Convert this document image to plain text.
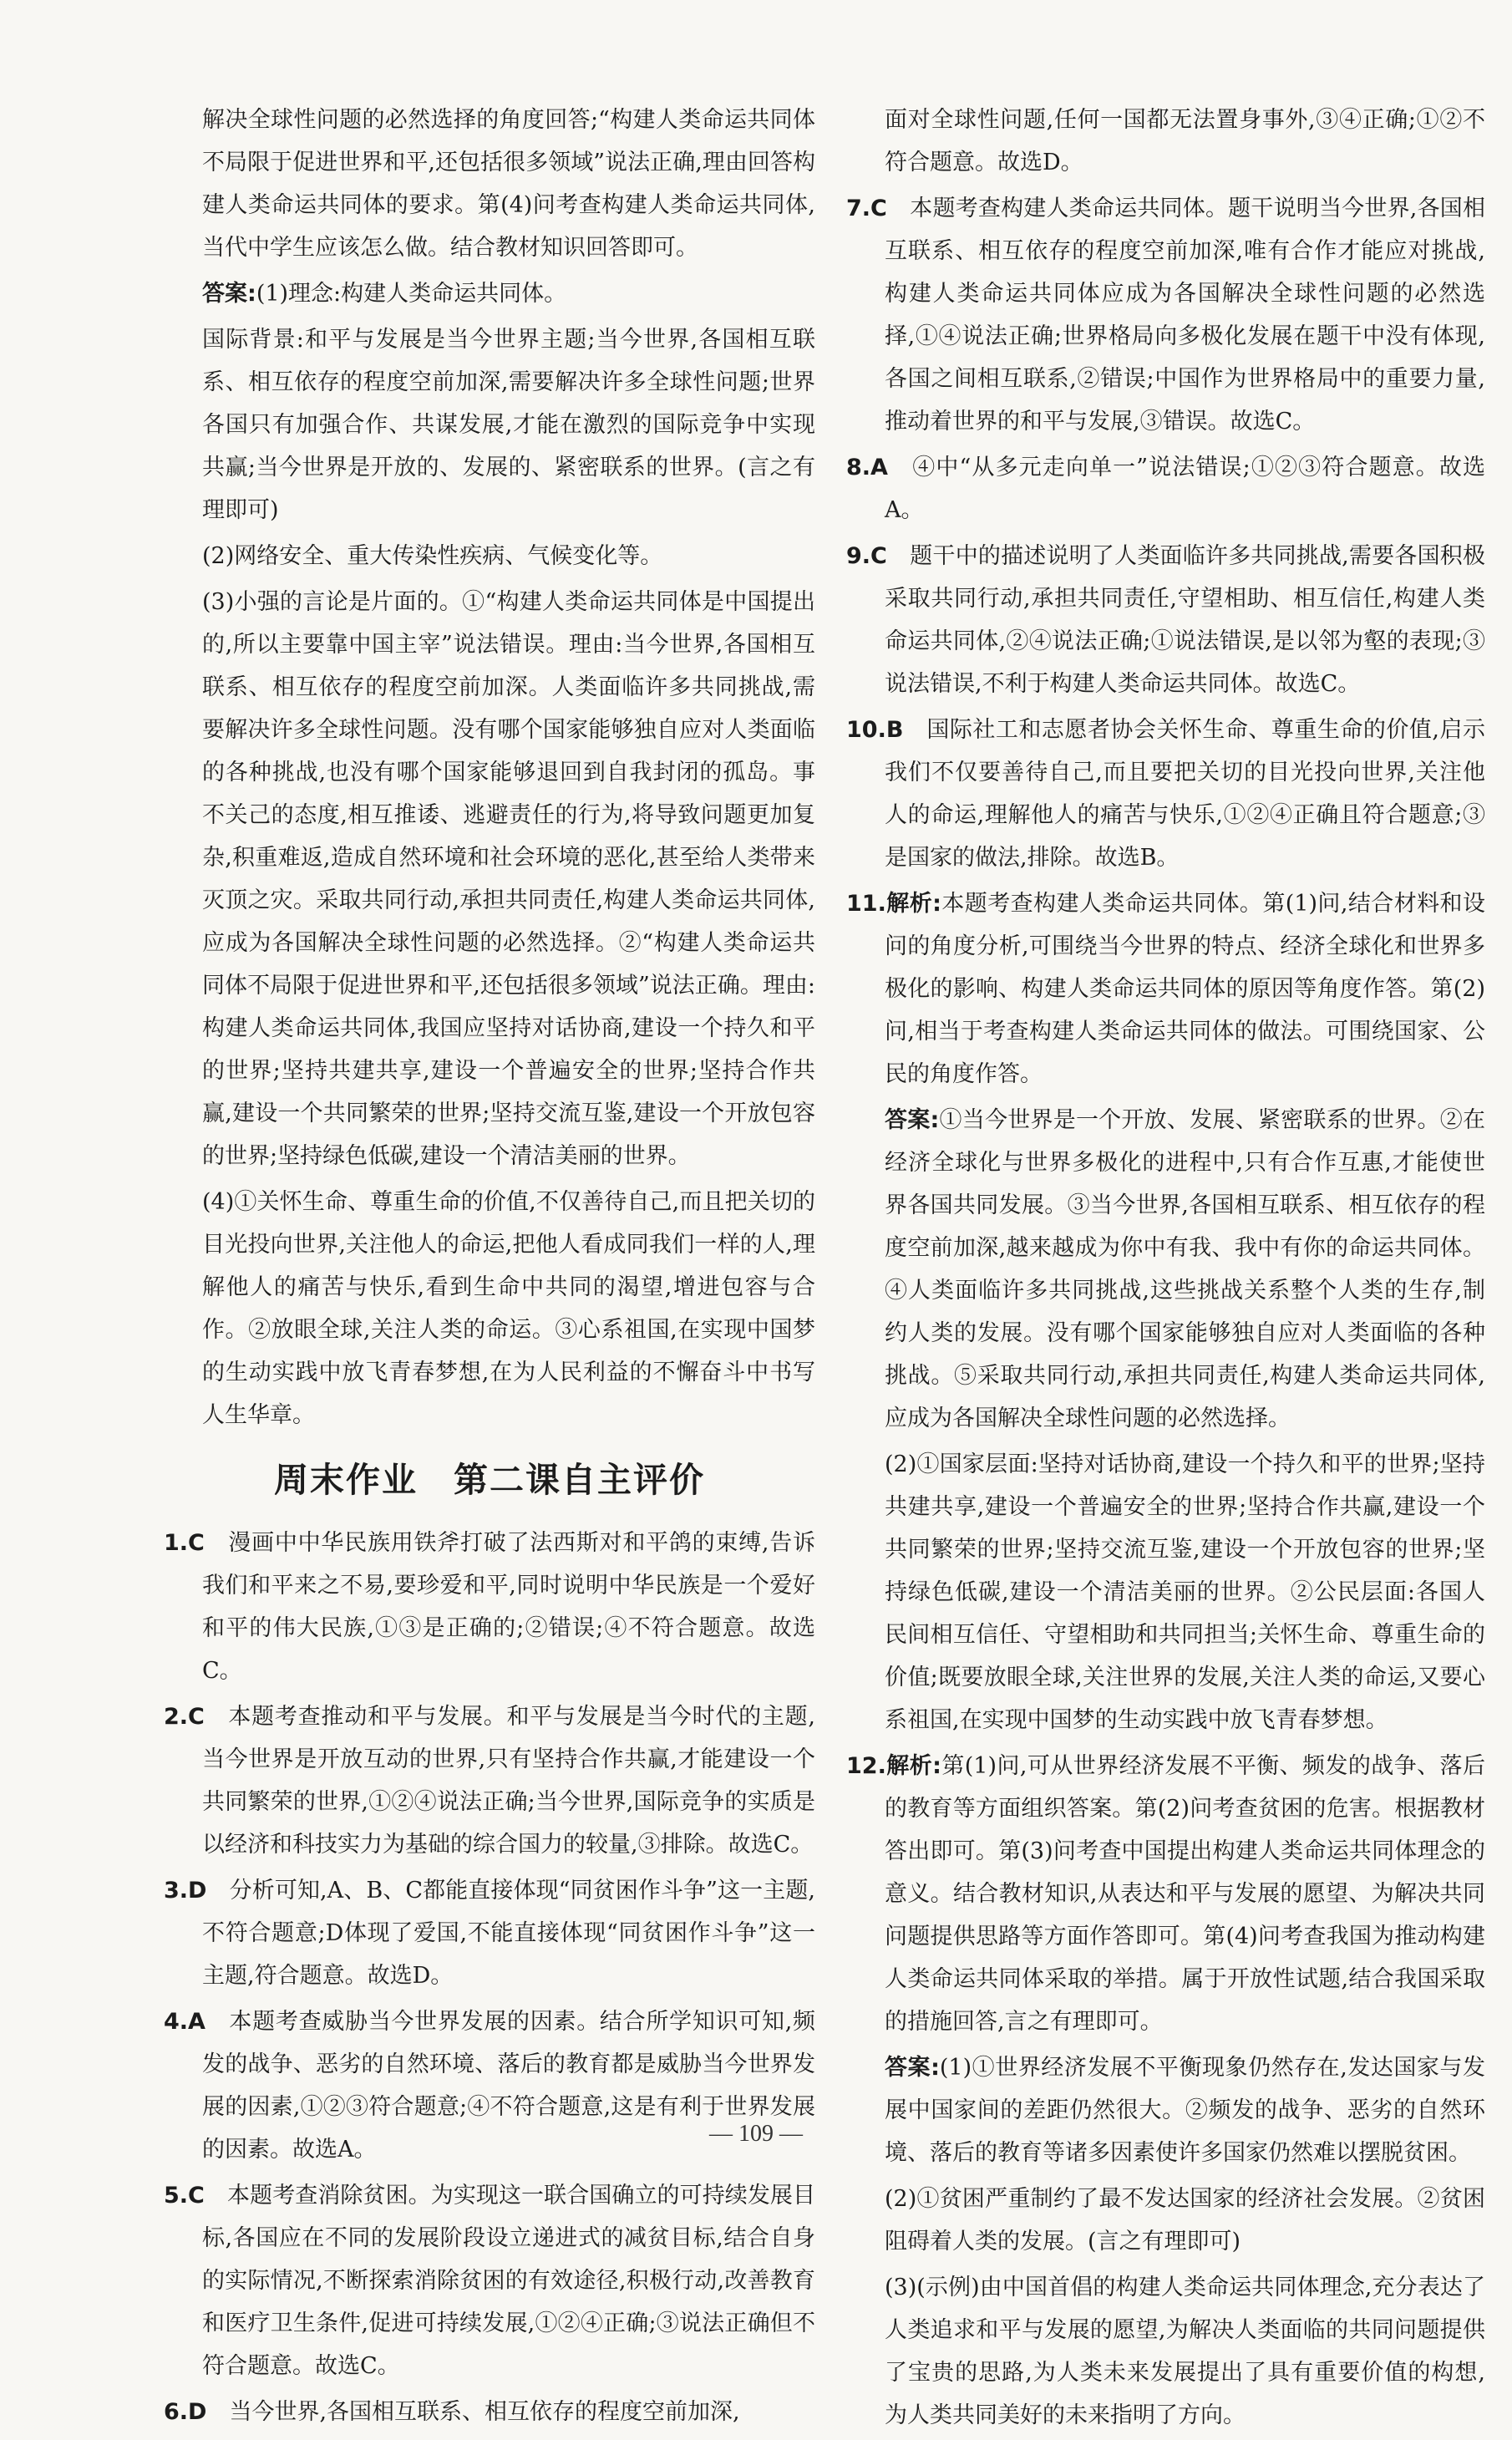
解决全球性问题的必然选择的角度回答;“构建人类命运共同体不局限于促进世界和平,还包括很多领域”说法正确,理由回答构建人类命运共同体的要求。第(4)问考查构建人类命运共同体,当代中学生应该怎么做。结合教材知识回答即可。

答案:(1)理念:构建人类命运共同体。

国际背景:和平与发展是当今世界主题;当今世界,各国相互联系、相互依存的程度空前加深,需要解决许多全球性问题;世界各国只有加强合作、共谋发展,才能在激烈的国际竞争中实现共赢;当今世界是开放的、发展的、紧密联系的世界。(言之有理即可)

(2)网络安全、重大传染性疾病、气候变化等。

(3)小强的言论是片面的。①“构建人类命运共同体是中国提出的,所以主要靠中国主宰”说法错误。理由:当今世界,各国相互联系、相互依存的程度空前加深。人类面临许多共同挑战,需要解决许多全球性问题。没有哪个国家能够独自应对人类面临的各种挑战,也没有哪个国家能够退回到自我封闭的孤岛。事不关己的态度,相互推诿、逃避责任的行为,将导致问题更加复杂,积重难返,造成自然环境和社会环境的恶化,甚至给人类带来灭顶之灾。采取共同行动,承担共同责任,构建人类命运共同体,应成为各国解决全球性问题的必然选择。②“构建人类命运共同体不局限于促进世界和平,还包括很多领域”说法正确。理由:构建人类命运共同体,我国应坚持对话协商,建设一个持久和平的世界;坚持共建共享,建设一个普遍安全的世界;坚持合作共赢,建设一个共同繁荣的世界;坚持交流互鉴,建设一个开放包容的世界;坚持绿色低碳,建设一个清洁美丽的世界。

(4)①关怀生命、尊重生命的价值,不仅善待自己,而且把关切的目光投向世界,关注他人的命运,把他人看成同我们一样的人,理解他人的痛苦与快乐,看到生命中共同的渴望,增进包容与合作。②放眼全球,关注人类的命运。③心系祖国,在实现中国梦的生动实践中放飞青春梦想,在为人民利益的不懈奋斗中书写人生华章。

周末作业　第二课自主评价

1.C　 漫画中中华民族用铁斧打破了法西斯对和平鸽的束缚,告诉我们和平来之不易,要珍爱和平,同时说明中华民族是一个爱好和平的伟大民族,①③是正确的;②错误;④不符合题意。故选C。

2.C　 本题考查推动和平与发展。和平与发展是当今时代的主题,当今世界是开放互动的世界,只有坚持合作共赢,才能建设一个共同繁荣的世界,①②④说法正确;当今世界,国际竞争的实质是以经济和科技实力为基础的综合国力的较量,③排除。故选C。

3.D　 分析可知,A、B、C都能直接体现“同贫困作斗争”这一主题,不符合题意;D体现了爱国,不能直接体现“同贫困作斗争”这一主题,符合题意。故选D。

4.A　 本题考查威胁当今世界发展的因素。结合所学知识可知,频发的战争、恶劣的自然环境、落后的教育都是威胁当今世界发展的因素,①②③符合题意;④不符合题意,这是有利于世界发展的因素。故选A。

5.C　 本题考查消除贫困。为实现这一联合国确立的可持续发展目标,各国应在不同的发展阶段设立递进式的减贫目标,结合自身的实际情况,不断探索消除贫困的有效途径,积极行动,改善教育和医疗卫生条件,促进可持续发展,①②④正确;③说法正确但不符合题意。故选C。

6.D　 当今世界,各国相互联系、相互依存的程度空前加深,

面对全球性问题,任何一国都无法置身事外,③④正确;①②不符合题意。故选D。

7.C　 本题考查构建人类命运共同体。题干说明当今世界,各国相互联系、相互依存的程度空前加深,唯有合作才能应对挑战,构建人类命运共同体应成为各国解决全球性问题的必然选择,①④说法正确;世界格局向多极化发展在题干中没有体现,各国之间相互联系,②错误;中国作为世界格局中的重要力量,推动着世界的和平与发展,③错误。故选C。

8.A　 ④中“从多元走向单一”说法错误;①②③符合题意。故选A。

9.C　 题干中的描述说明了人类面临许多共同挑战,需要各国积极采取共同行动,承担共同责任,守望相助、相互信任,构建人类命运共同体,②④说法正确;①说法错误,是以邻为壑的表现;③说法错误,不利于构建人类命运共同体。故选C。

10.B　 国际社工和志愿者协会关怀生命、尊重生命的价值,启示我们不仅要善待自己,而且要把关切的目光投向世界,关注他人的命运,理解他人的痛苦与快乐,①②④正确且符合题意;③是国家的做法,排除。故选B。

11.解析:本题考查构建人类命运共同体。第(1)问,结合材料和设问的角度分析,可围绕当今世界的特点、经济全球化和世界多极化的影响、构建人类命运共同体的原因等角度作答。第(2)问,相当于考查构建人类命运共同体的做法。可围绕国家、公民的角度作答。

答案:①当今世界是一个开放、发展、紧密联系的世界。②在经济全球化与世界多极化的进程中,只有合作互惠,才能使世界各国共同发展。③当今世界,各国相互联系、相互依存的程度空前加深,越来越成为你中有我、我中有你的命运共同体。④人类面临许多共同挑战,这些挑战关系整个人类的生存,制约人类的发展。没有哪个国家能够独自应对人类面临的各种挑战。⑤采取共同行动,承担共同责任,构建人类命运共同体,应成为各国解决全球性问题的必然选择。

(2)①国家层面:坚持对话协商,建设一个持久和平的世界;坚持共建共享,建设一个普遍安全的世界;坚持合作共赢,建设一个共同繁荣的世界;坚持交流互鉴,建设一个开放包容的世界;坚持绿色低碳,建设一个清洁美丽的世界。②公民层面:各国人民间相互信任、守望相助和共同担当;关怀生命、尊重生命的价值;既要放眼全球,关注世界的发展,关注人类的命运,又要心系祖国,在实现中国梦的生动实践中放飞青春梦想。

12.解析:第(1)问,可从世界经济发展不平衡、频发的战争、落后的教育等方面组织答案。第(2)问考查贫困的危害。根据教材答出即可。第(3)问考查中国提出构建人类命运共同体理念的意义。结合教材知识,从表达和平与发展的愿望、为解决共同问题提供思路等方面作答即可。第(4)问考查我国为推动构建人类命运共同体采取的举措。属于开放性试题,结合我国采取的措施回答,言之有理即可。

答案:(1)①世界经济发展不平衡现象仍然存在,发达国家与发展中国家间的差距仍然很大。②频发的战争、恶劣的自然环境、落后的教育等诸多因素使许多国家仍然难以摆脱贫困。

(2)①贫困严重制约了最不发达国家的经济社会发展。②贫困阻碍着人类的发展。(言之有理即可)

(3)(示例)由中国首倡的构建人类命运共同体理念,充分表达了人类追求和平与发展的愿望,为解决人类面临的共同问题提供了宝贵的思路,为人类未来发展提出了具有重要价值的构想,为人类共同美好的未来指明了方向。

— 109 —
